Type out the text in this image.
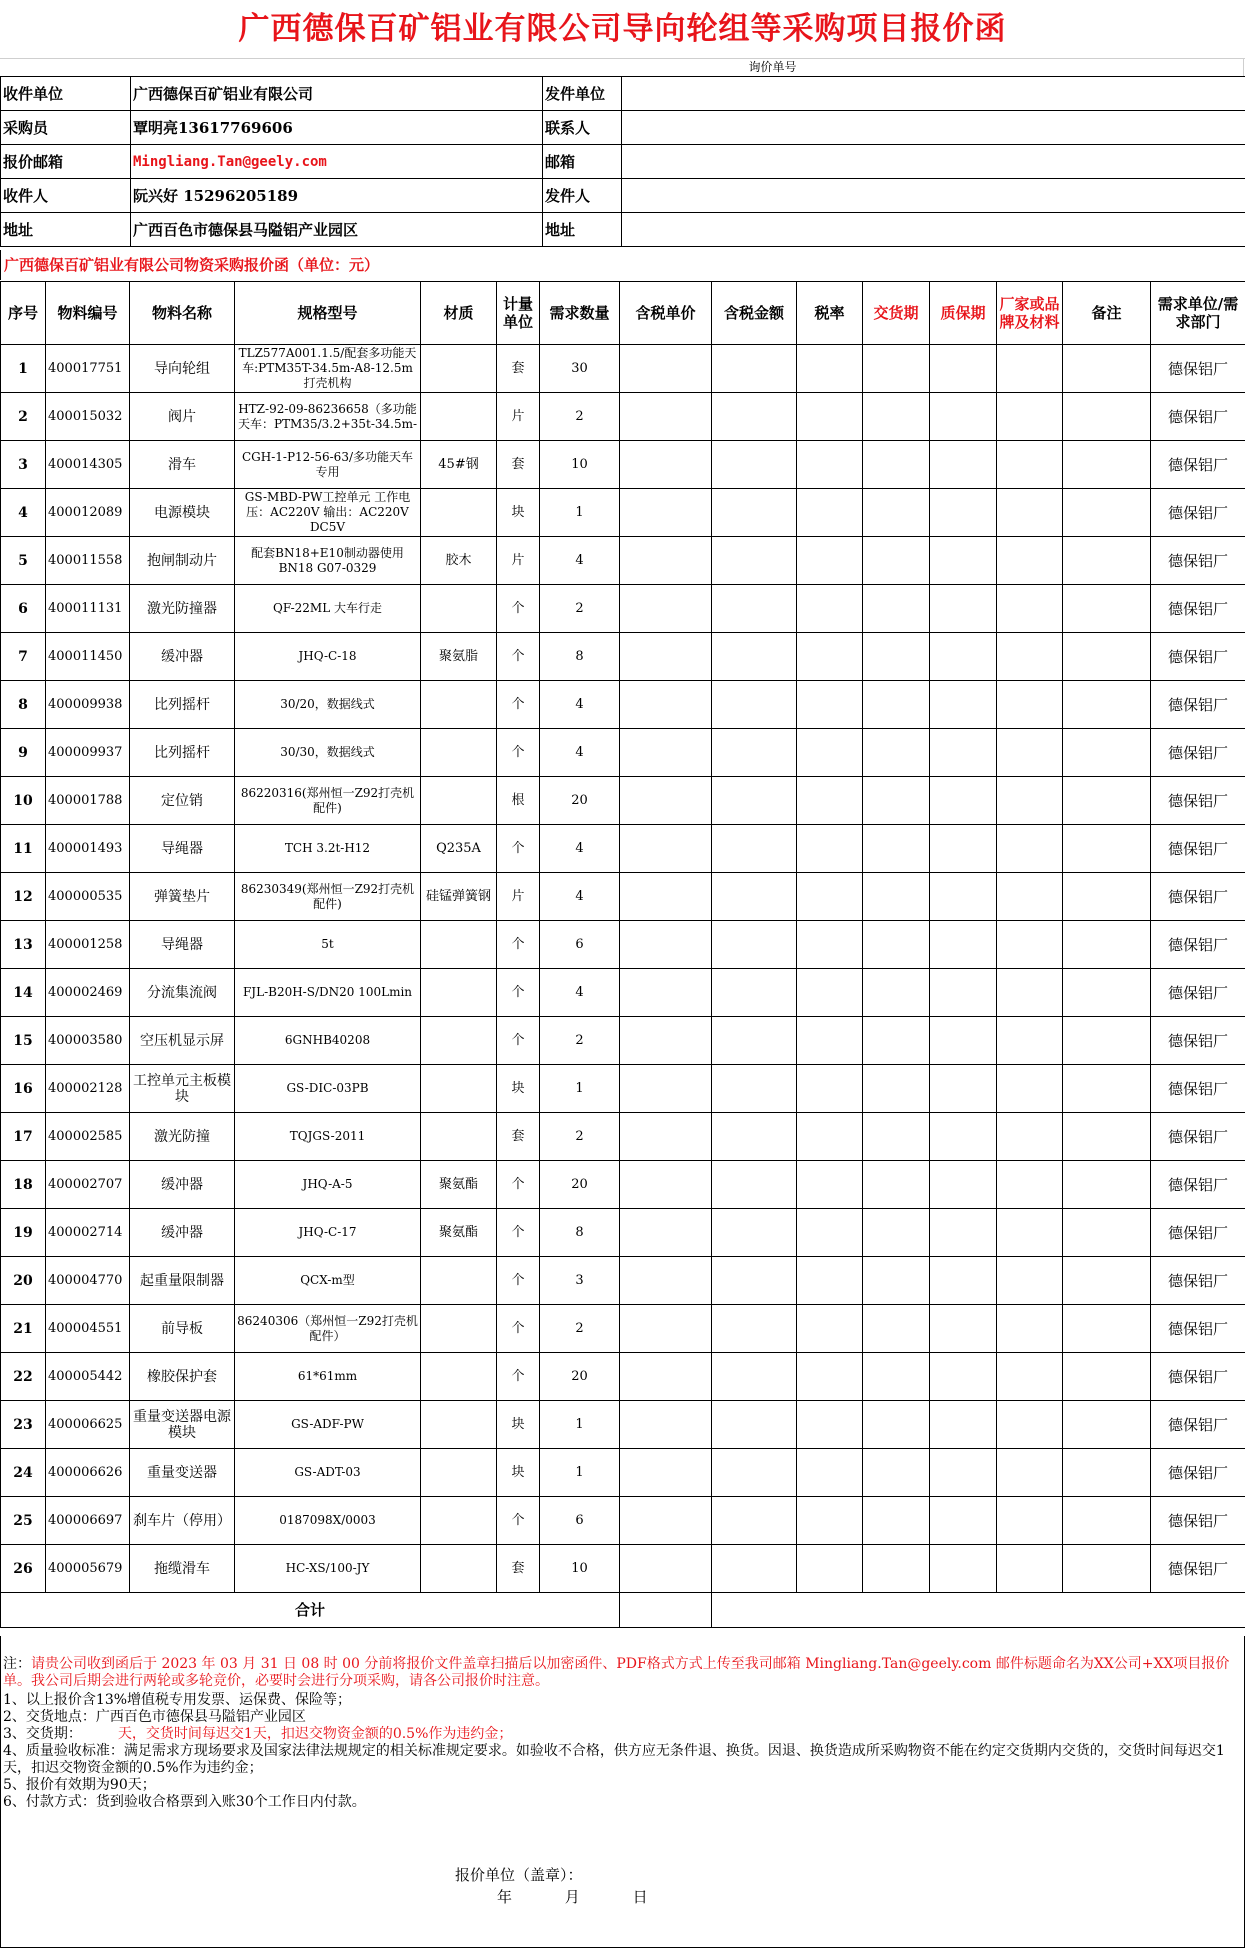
广西德保百矿铝业有限公司导向轮组等采购项目报价函
询价单号
收件单位	广西德保百矿铝业有限公司	发件单位	
采购员	覃明亮13617769606	联系人	
报价邮箱	Mingliang.Tan@geely.com	邮箱	
收件人	阮兴好 15296205189	发件人	
地址	广西百色市德保县马隘铝产业园区	地址	
广西德保百矿铝业有限公司物资采购报价函（单位：元）
序号	物料编号	物料名称	规格型号	材质	计量单位	需求数量	含税单价	含税金额	税率	交货期	质保期	厂家或品牌及材料	备注	需求单位/需求部门
1	400017751	导向轮组	TLZ577A001.1.5/配套多功能天车:PTM35T-34.5m-A8-12.5m打壳机构		套	30								德保铝厂
2	400015032	阀片	HTZ-92-09-86236658（多功能天车：PTM35/3.2+35t-34.5m-		片	2								德保铝厂
3	400014305	滑车	CGH-1-P12-56-63/多功能天车专用	45#钢	套	10								德保铝厂
4	400012089	电源模块	GS-MBD-PW工控单元 工作电压：AC220V 输出：AC220V DC5V		块	1								德保铝厂
5	400011558	抱闸制动片	配套BN18+E10制动器使用BN18 G07-0329	胶木	片	4								德保铝厂
6	400011131	激光防撞器	QF-22ML 大车行走		个	2								德保铝厂
7	400011450	缓冲器	JHQ-C-18	聚氨脂	个	8								德保铝厂
8	400009938	比列摇杆	30/20，数据线式		个	4								德保铝厂
9	400009937	比列摇杆	30/30，数据线式		个	4								德保铝厂
10	400001788	定位销	86220316(郑州恒一Z92打壳机配件)		根	20								德保铝厂
11	400001493	导绳器	TCH 3.2t-H12	Q235A	个	4								德保铝厂
12	400000535	弹簧垫片	86230349(郑州恒一Z92打壳机配件)	硅锰弹簧钢	片	4								德保铝厂
13	400001258	导绳器	5t		个	6								德保铝厂
14	400002469	分流集流阀	FJL-B20H-S/DN20 100Lmin		个	4								德保铝厂
15	400003580	空压机显示屏	6GNHB40208		个	2								德保铝厂
16	400002128	工控单元主板模块	GS-DIC-03PB		块	1								德保铝厂
17	400002585	激光防撞	TQJGS-2011		套	2								德保铝厂
18	400002707	缓冲器	JHQ-A-5	聚氨酯	个	20								德保铝厂
19	400002714	缓冲器	JHQ-C-17	聚氨酯	个	8								德保铝厂
20	400004770	起重量限制器	QCX-m型		个	3								德保铝厂
21	400004551	前导板	86240306（郑州恒一Z92打壳机配件）		个	2								德保铝厂
22	400005442	橡胶保护套	61*61mm		个	20								德保铝厂
23	400006625	重量变送器电源模块	GS-ADF-PW		块	1								德保铝厂
24	400006626	重量变送器	GS-ADT-03		块	1								德保铝厂
25	400006697	刹车片（停用）	0187098X/0003		个	6								德保铝厂
26	400005679	拖缆滑车	HC-XS/100-JY		套	10								德保铝厂
合计														
注：请贵公司收到函后于 2023 年 03 月 31 日 08 时 00 分前将报价文件盖章扫描后以加密函件、PDF格式方式上传至我司邮箱 Mingliang.Tan@geely.com 邮件标题命名为XX公司+XX项目报价单。我公司后期会进行两轮或多轮竞价，必要时会进行分项采购，请各公司报价时注意。
1、以上报价含13%增值税专用发票、运保费、保险等；
2、交货地点：广西百色市德保县马隘铝产业园区
3、交货期：	天，交货时间每迟交1天，扣迟交物资金额的0.5%作为违约金；
4、质量验收标准：满足需求方现场要求及国家法律法规规定的相关标准规定要求。如验收不合格，供方应无条件退、换货。因退、换货造成所采购物资不能在约定交货期内交货的，交货时间每迟交1天，扣迟交物资金额的0.5%作为违约金；
5、报价有效期为90天；
6、付款方式：货到验收合格票到入账30个工作日内付款。
报价单位（盖章）：
年	月	日
